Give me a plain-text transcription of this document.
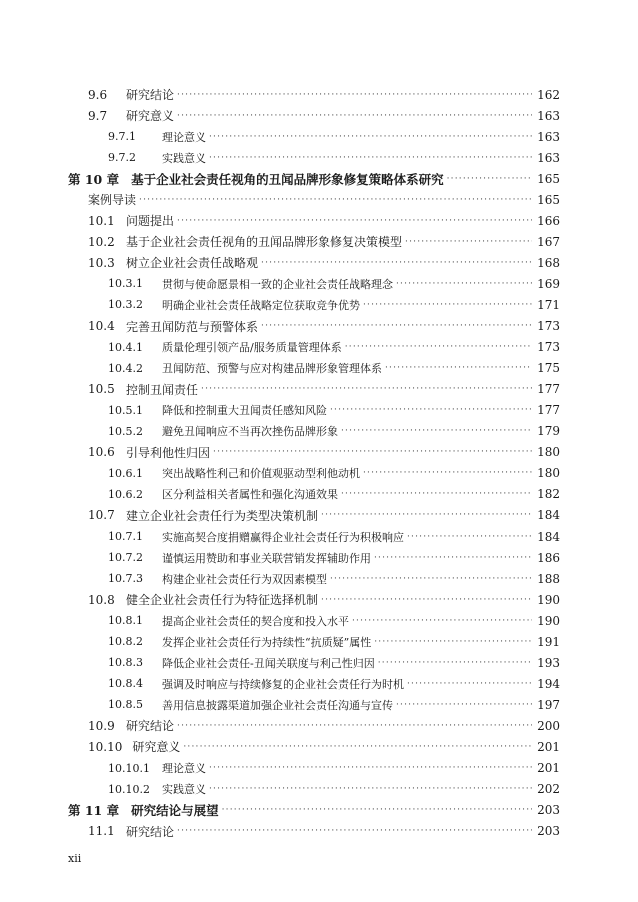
9.6	研究结论 ·····	162
9.7	研究意义 ·····	163
9.7.1	理论意义 ·····	163
9.7.2	实践意义 ·····	163
第 10 章 基于企业社会责任视角的丑闻品牌形象修复策略体系研究 ·····	165
案例导读 ·····	165
10.1 问题提出 ·····	166
10.2 基于企业社会责任视角的丑闻品牌形象修复决策模型 ·····	167
10.3 树立企业社会责任战略观 ·····	168
10.3.1	贯彻与使命愿景相一致的企业社会责任战略理念 ·····	169
10.3.2	明确企业社会责任战略定位获取竞争优势 ·····	171
10.4 完善丑闻防范与预警体系 ·····	173
10.4.1	质量伦理引领产品/服务质量管理体系 ·····	173
10.4.2	丑闻防范、预警与应对构建品牌形象管理体系 ·····	175
10.5 控制丑闻责任 ·····	177
10.5.1	降低和控制重大丑闻责任感知风险 ·····	177
10.5.2	避免丑闻响应不当再次挫伤品牌形象 ·····	179
10.6 引导利他性归因 ·····	180
10.6.1	突出战略性利己和价值观驱动型利他动机 ·····	180
10.6.2	区分利益相关者属性和强化沟通效果 ·····	182
10.7 建立企业社会责任行为类型决策机制 ·····	184
10.7.1	实施高契合度捐赠赢得企业社会责任行为积极响应 ·····	184
10.7.2	谨慎运用赞助和事业关联营销发挥辅助作用 ·····	186
10.7.3	构建企业社会责任行为双因素模型 ·····	188
10.8 健全企业社会责任行为特征选择机制 ·····	190
10.8.1	提高企业社会责任的契合度和投入水平 ·····	190
10.8.2	发挥企业社会责任行为持续性“抗质疑”属性 ·····	191
10.8.3	降低企业社会责任-丑闻关联度与利己性归因 ·····	193
10.8.4	强调及时响应与持续修复的企业社会责任行为时机 ·····	194
10.8.5	善用信息披露渠道加强企业社会责任沟通与宣传 ·····	197
10.9 研究结论 ·····	200
10.10 研究意义 ·····	201
10.10.1 理论意义 ·····	201
10.10.2 实践意义 ·····	202
第 11 章 研究结论与展望 ·····	203
11.1 研究结论 ·····	203
xii
